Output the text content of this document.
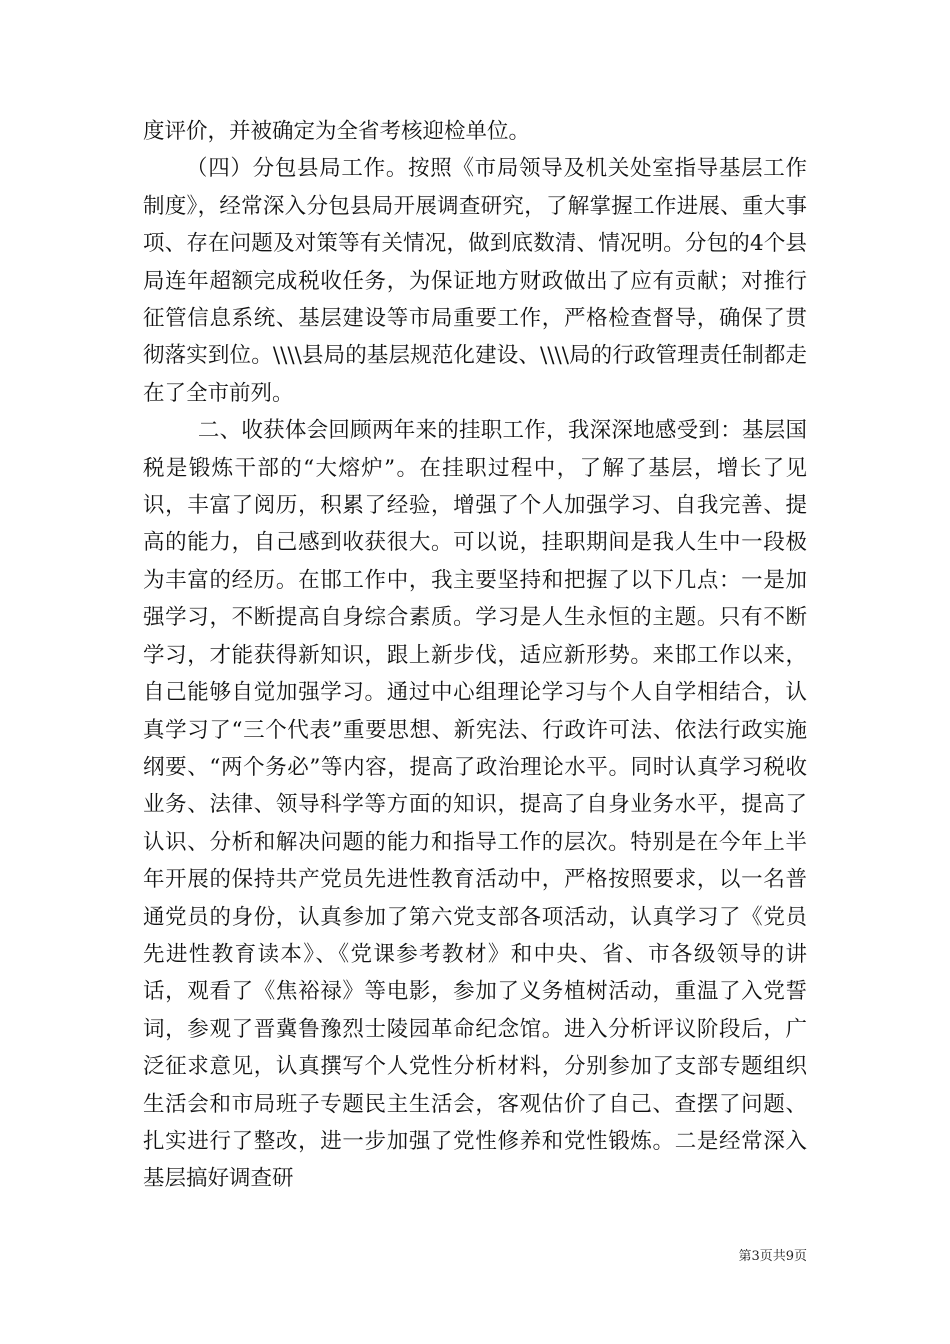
度评价，并被确定为全省考核迎检单位。

（四）分包县局工作。按照《市局领导及机关处室指导基层工作制度》，经常深入分包县局开展调查研究，了解掌握工作进展、重大事项、存在问题及对策等有关情况，做到底数清、情况明。分包的4个县局连年超额完成税收任务，为保证地方财政做出了应有贡献；对推行征管信息系统、基层建设等市局重要工作，严格检查督导，确保了贯彻落实到位。\\\\县局的基层规范化建设、\\\\局的行政管理责任制都走在了全市前列。

二、收获体会回顾两年来的挂职工作，我深深地感受到：基层国税是锻炼干部的“大熔炉”。在挂职过程中，了解了基层，增长了见识，丰富了阅历，积累了经验，增强了个人加强学习、自我完善、提高的能力，自己感到收获很大。可以说，挂职期间是我人生中一段极为丰富的经历。在邯工作中，我主要坚持和把握了以下几点：一是加强学习，不断提高自身综合素质。学习是人生永恒的主题。只有不断学习，才能获得新知识，跟上新步伐，适应新形势。来邯工作以来，自己能够自觉加强学习。通过中心组理论学习与个人自学相结合，认真学习了“三个代表”重要思想、新宪法、行政许可法、依法行政实施纲要、“两个务必”等内容，提高了政治理论水平。同时认真学习税收业务、法律、领导科学等方面的知识，提高了自身业务水平，提高了认识、分析和解决问题的能力和指导工作的层次。特别是在今年上半年开展的保持共产党员先进性教育活动中，严格按照要求，以一名普通党员的身份，认真参加了第六党支部各项活动，认真学习了《党员先进性教育读本》、《党课参考教材》和中央、省、市各级领导的讲话，观看了《焦裕禄》等电影，参加了义务植树活动，重温了入党誓词，参观了晋冀鲁豫烈士陵园革命纪念馆。进入分析评议阶段后，广泛征求意见，认真撰写个人党性分析材料，分别参加了支部专题组织生活会和市局班子专题民主生活会，客观估价了自己、查摆了问题、扎实进行了整改，进一步加强了党性修养和党性锻炼。二是经常深入基层搞好调查研

第3页共9页
